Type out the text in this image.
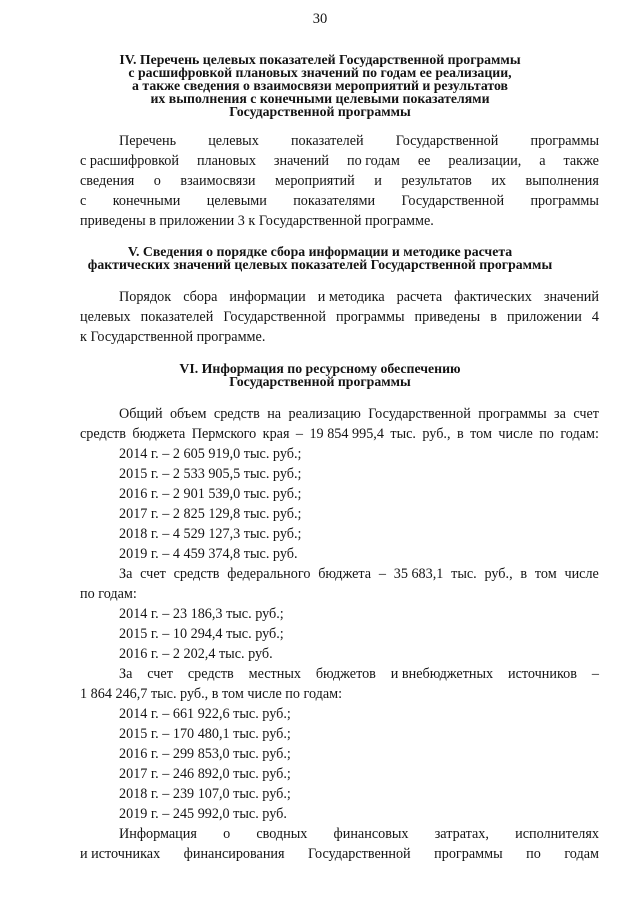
30
IV. Перечень целевых показателей Государственной программы
с расшифровкой плановых значений по годам ее реализации,
а также сведения о взаимосвязи мероприятий и результатов
их выполнения с конечными целевыми показателями
Государственной программы
Перечень целевых показателей Государственной программы
с расшифровкой плановых значений по годам ее реализации, а также
сведения о взаимосвязи мероприятий и результатов их выполнения
с конечными целевыми показателями Государственной программы
приведены в приложении 3 к Государственной программе.
V. Сведения о порядке сбора информации и методике расчета
фактических значений целевых показателей Государственной программы
Порядок сбора информации и методика расчета фактических значений
целевых показателей Государственной программы приведены в приложении 4
к Государственной программе.
VI. Информация по ресурсному обеспечению
Государственной программы
Общий объем средств на реализацию Государственной программы за счет
средств бюджета Пермского края – 19 854 995,4 тыс. руб., в том числе по годам:
2014 г. – 2 605 919,0 тыс. руб.;
2015 г. – 2 533 905,5 тыс. руб.;
2016 г. – 2 901 539,0 тыс. руб.;
2017 г. – 2 825 129,8 тыс. руб.;
2018 г. – 4 529 127,3 тыс. руб.;
2019 г. – 4 459 374,8 тыс. руб.
За счет средств федерального бюджета – 35 683,1 тыс. руб., в том числе
по годам:
2014 г. – 23 186,3 тыс. руб.;
2015 г. – 10 294,4 тыс. руб.;
2016 г. – 2 202,4 тыс. руб.
За счет средств местных бюджетов и внебюджетных источников –
1 864 246,7 тыс. руб., в том числе по годам:
2014 г. – 661 922,6 тыс. руб.;
2015 г. – 170 480,1 тыс. руб.;
2016 г. – 299 853,0 тыс. руб.;
2017 г. – 246 892,0 тыс. руб.;
2018 г. – 239 107,0 тыс. руб.;
2019 г. – 245 992,0 тыс. руб.
Информация о сводных финансовых затратах, исполнителях
и источниках финансирования Государственной программы по годам
